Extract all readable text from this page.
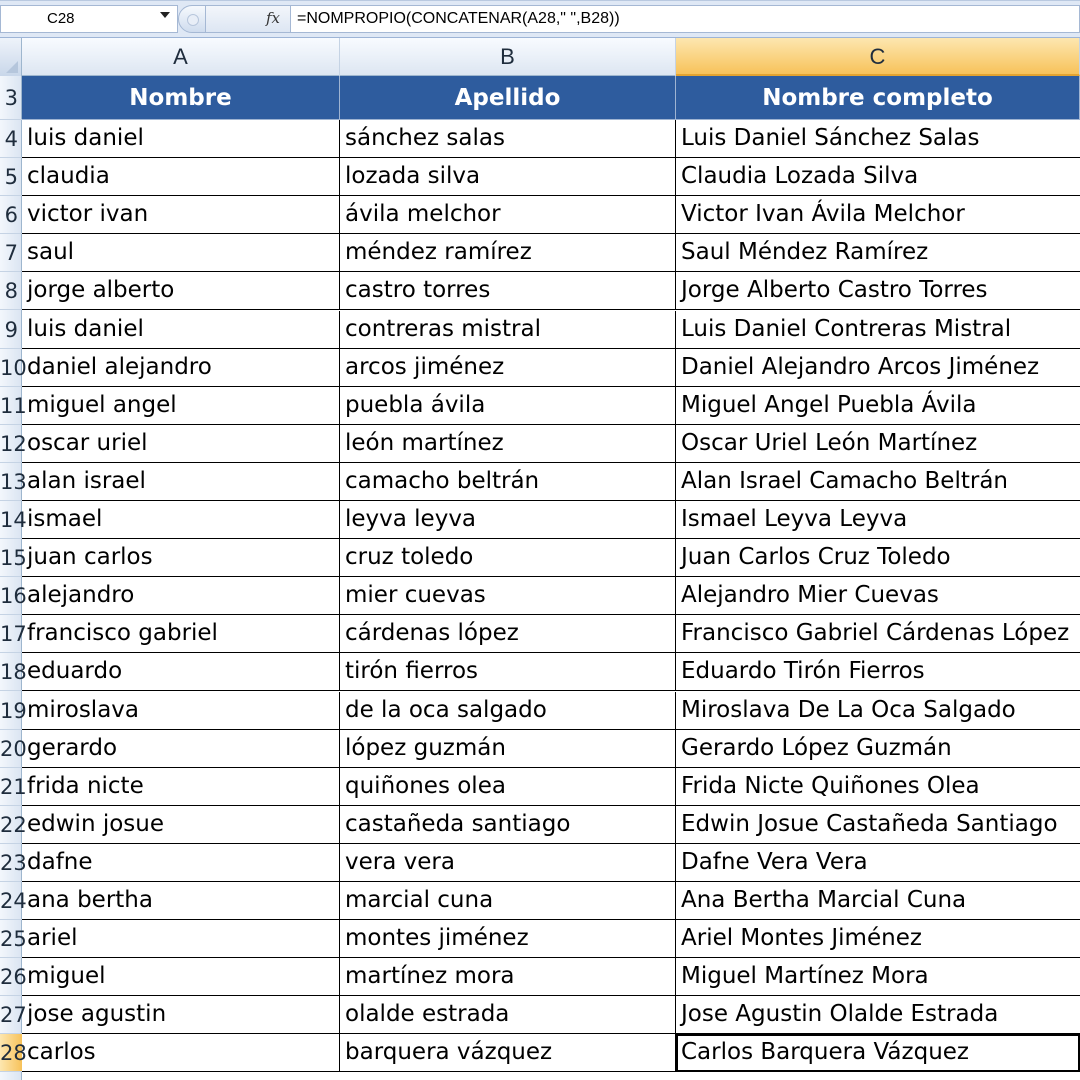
C28	fx	=NOMPROPIO(CONCATENAR(A28," ",B28))
A	B	C
3
4
5
6
7
8
9
10
11
12
13
14
15
16
17
18
19
20
21
22
23
24
25
26
27
28
Nombre	Apellido	Nombre completo
luis daniel	sánchez salas	Luis Daniel Sánchez Salas
claudia	lozada silva	Claudia Lozada Silva
victor ivan	ávila melchor	Victor Ivan Ávila Melchor
saul	méndez ramírez	Saul Méndez Ramírez
jorge alberto	castro torres	Jorge Alberto Castro Torres
luis daniel	contreras mistral	Luis Daniel Contreras Mistral
daniel alejandro	arcos jiménez	Daniel Alejandro Arcos Jiménez
miguel angel	puebla ávila	Miguel Angel Puebla Ávila
oscar uriel	león martínez	Oscar Uriel León Martínez
alan israel	camacho beltrán	Alan Israel Camacho Beltrán
ismael	leyva leyva	Ismael Leyva Leyva
juan carlos	cruz toledo	Juan Carlos Cruz Toledo
alejandro	mier cuevas	Alejandro Mier Cuevas
francisco gabriel	cárdenas lópez	Francisco Gabriel Cárdenas López
eduardo	tirón fierros	Eduardo Tirón Fierros
miroslava	de la oca salgado	Miroslava De La Oca Salgado
gerardo	lópez guzmán	Gerardo López Guzmán
frida nicte	quiñones olea	Frida Nicte Quiñones Olea
edwin josue	castañeda santiago	Edwin Josue Castañeda Santiago
dafne	vera vera	Dafne Vera Vera
ana bertha	marcial cuna	Ana Bertha Marcial Cuna
ariel	montes jiménez	Ariel Montes Jiménez
miguel	martínez mora	Miguel Martínez Mora
jose agustin	olalde estrada	Jose Agustin Olalde Estrada
carlos	barquera vázquez	Carlos Barquera Vázquez
